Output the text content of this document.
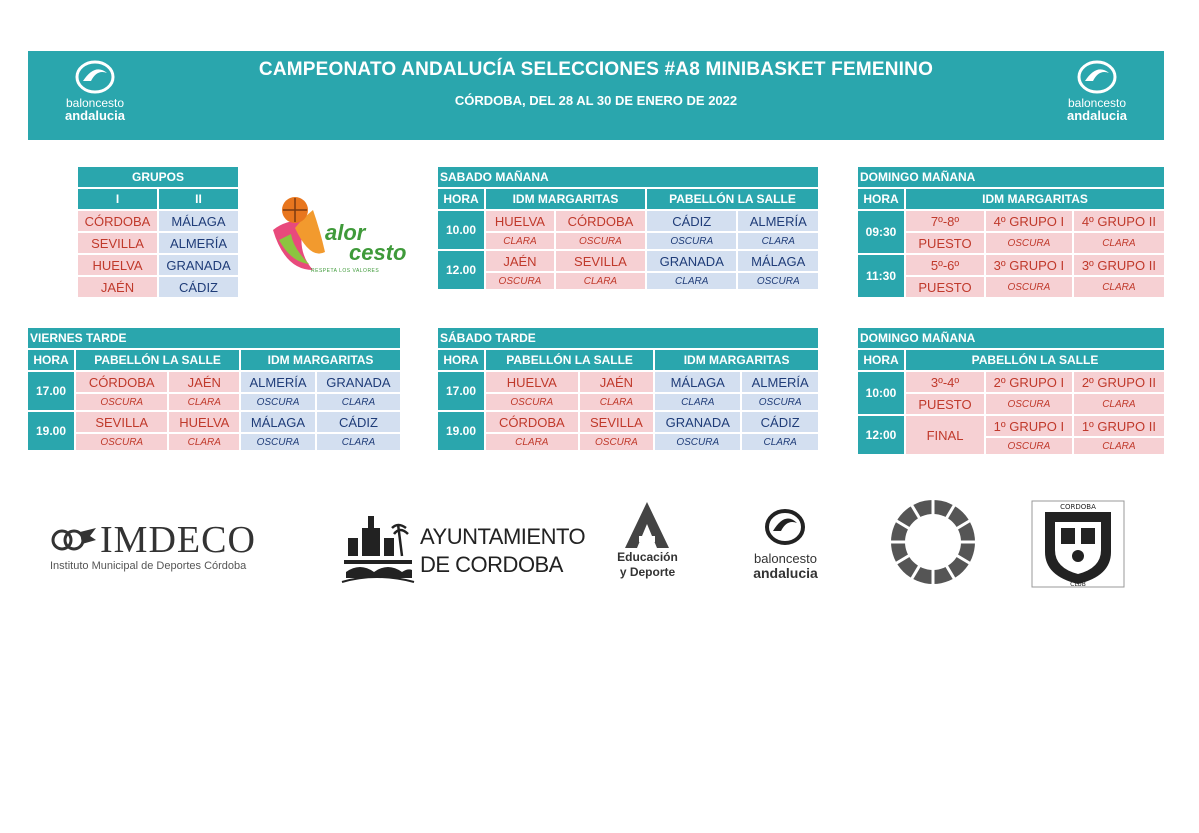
baloncesto
andalucia
CAMPEONATO ANDALUCÍA SELECCIONES #A8 MINIBASKET FEMENINO
CÓRDOBA, DEL 28 AL 30 DE ENERO DE 2022	baloncesto
andalucia
GRUPOS	
I	II
CÓRDOBA	MÁLAGA
SEVILLA	ALMERÍA
HUELVA	GRANADA
JAÉN	CÁDIZ
alor
cesto
RESPETA LOS VALORES
SABADO MAÑANA				
HORA	IDM MARGARITAS		PABELLÓN LA SALLE	
10.00	HUELVA	CÓRDOBA	CÁDIZ	ALMERÍA
	CLARA	OSCURA	OSCURA	CLARA
12.00	JAÉN	SEVILLA	GRANADA	MÁLAGA
	OSCURA	CLARA	CLARA	OSCURA
DOMINGO MAÑANA			
HORA	IDM MARGARITAS		
09:30	7º-8º	4º GRUPO I	4º GRUPO II
	PUESTO	OSCURA	CLARA
11:30	5º-6º	3º GRUPO I	3º GRUPO II
	PUESTO	OSCURA	CLARA
VIERNES TARDE				
HORA	PABELLÓN LA SALLE		IDM MARGARITAS	
17.00	CÓRDOBA	JAÉN	ALMERÍA	GRANADA
	OSCURA	CLARA	OSCURA	CLARA
19.00	SEVILLA	HUELVA	MÁLAGA	CÁDIZ
	OSCURA	CLARA	OSCURA	CLARA
SÁBADO TARDE				
HORA	PABELLÓN LA SALLE		IDM MARGARITAS	
17.00	HUELVA	JAÉN	MÁLAGA	ALMERÍA
	OSCURA	CLARA	CLARA	OSCURA
19.00	CÓRDOBA	SEVILLA	GRANADA	CÁDIZ
	CLARA	OSCURA	OSCURA	CLARA
DOMINGO MAÑANA			
HORA	PABELLÓN LA SALLE		
10:00	3º-4º	2º GRUPO I	2º GRUPO II
	PUESTO	OSCURA	CLARA
12:00	FINAL	1º GRUPO I	1º GRUPO II
		OSCURA	CLARA
IMDECO
Instituto Municipal de Deportes Córdoba
AYUNTAMIENTO
DE CORDOBA	Educación
y Deporte
baloncesto
andalucia
CORDOBA
CLUB
